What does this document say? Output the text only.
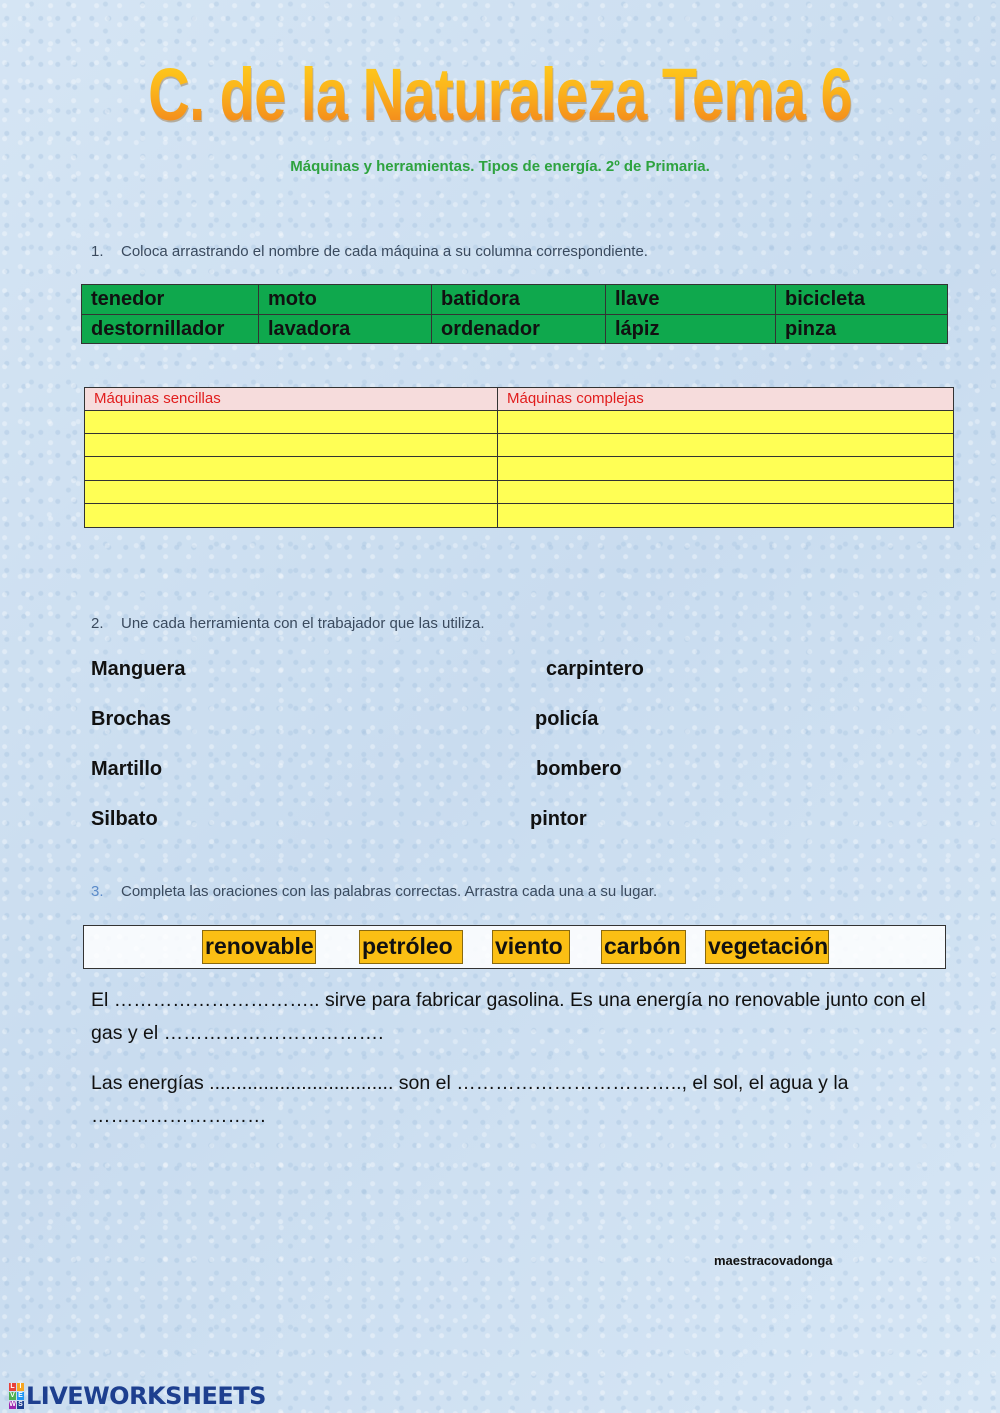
C. de la Naturaleza Tema 6
Máquinas y herramientas. Tipos de energía. 2º de Primaria.
1. Coloca arrastrando el nombre de cada máquina a su columna correspondiente.
tenedor	moto	batidora	llave	bicicleta
destornillador	lavadora	ordenador	lápiz	pinza
Máquinas sencillas	Máquinas complejas
2. Une cada herramienta con el trabajador que las utiliza.
Manguera
Brochas
Martillo
Silbato
carpintero
policía
bombero
pintor
3. Completa las oraciones con las palabras correctas. Arrastra cada una a su lugar.
renovable petróleo	viento	carbón vegetación
El ………………………….. sirve para fabricar gasolina. Es una energía no renovable junto con el gas y el …………………………….
Las energías .................................. son el …………………………….., el sol, el agua y la ………………………
maestracovadonga
L I
V E
W S LIVEWORKSHEETS
